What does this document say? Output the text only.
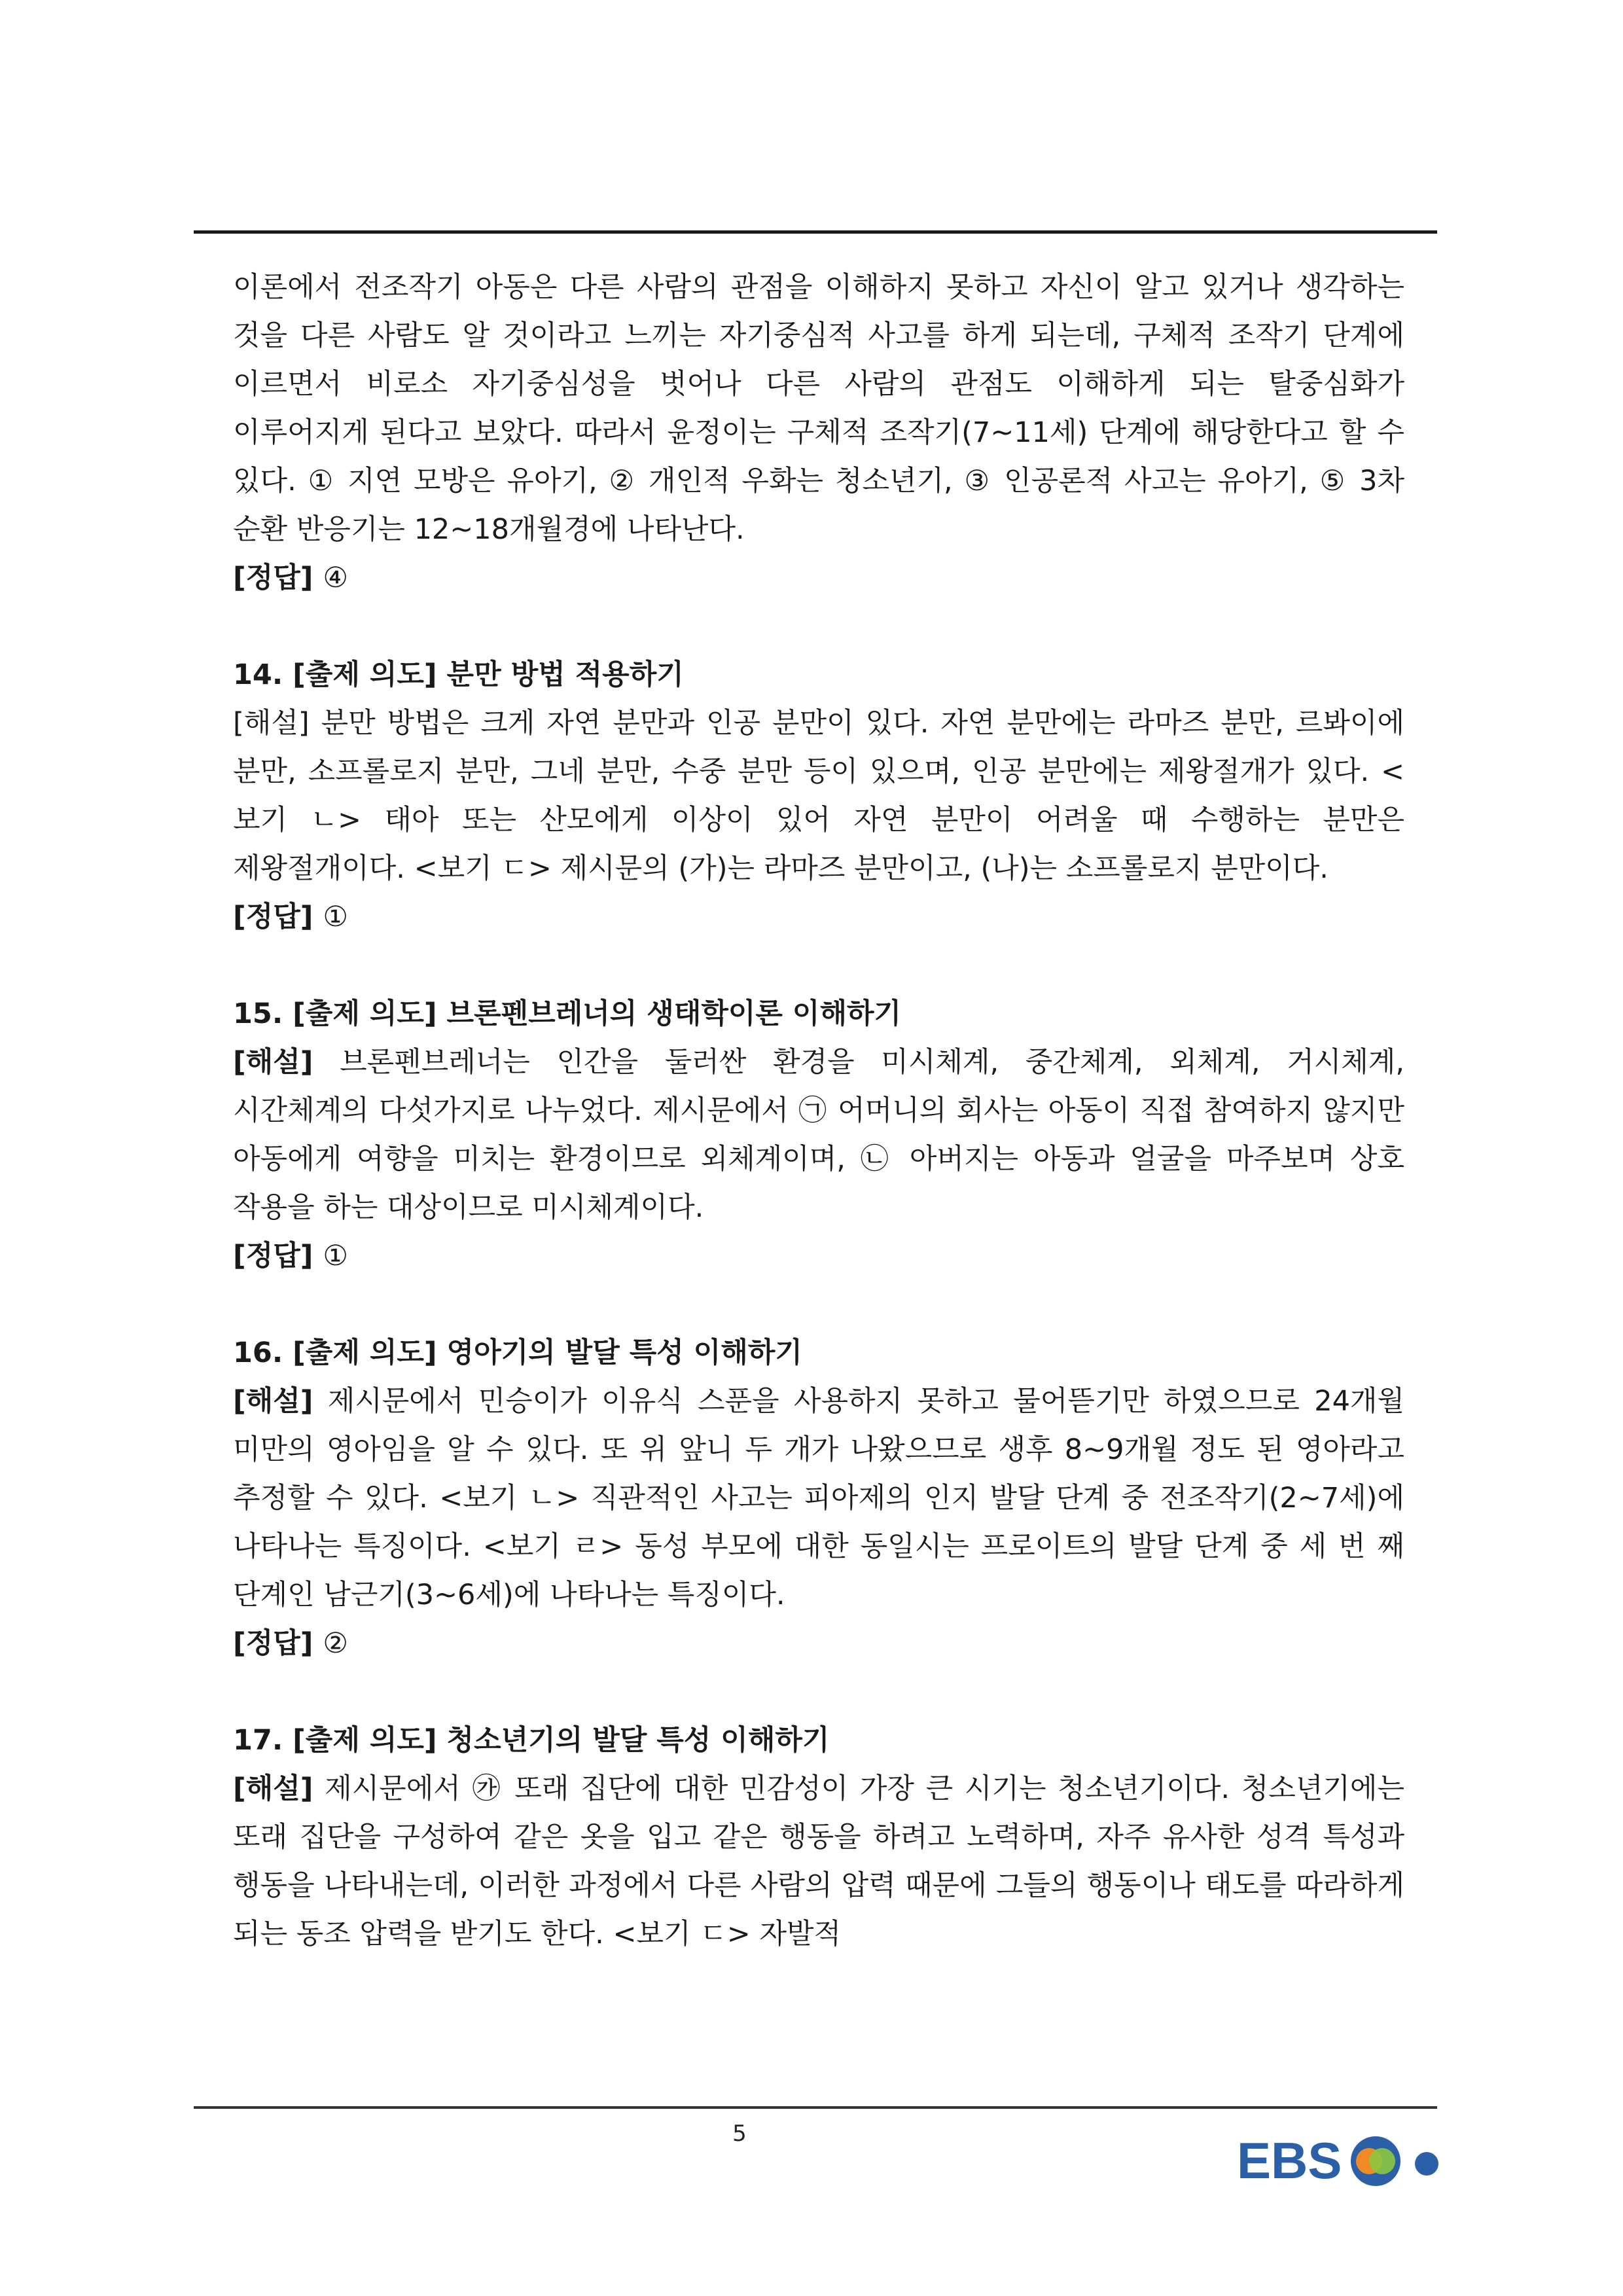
이론에서 전조작기 아동은 다른 사람의 관점을 이해하지 못하고 자신이 알고 있거나 생각하는 것을 다른 사람도 알 것이라고 느끼는 자기중심적 사고를 하게 되는데, 구체적 조작기 단계에 이르면서 비로소 자기중심성을 벗어나 다른 사람의 관점도 이해하게 되는 탈중심화가 이루어지게 된다고 보았다. 따라서 윤정이는 구체적 조작기(7~11세) 단계에 해당한다고 할 수 있다. ① 지연 모방은 유아기, ② 개인적 우화는 청소년기, ③ 인공론적 사고는 유아기, ⑤ 3차 순환 반응기는 12~18개월경에 나타난다.

[정답] ④

14. [출제 의도] 분만 방법 적용하기

[해설] 분만 방법은 크게 자연 분만과 인공 분만이 있다. 자연 분만에는 라마즈 분만, 르봐이에 분만, 소프롤로지 분만, 그네 분만, 수중 분만 등이 있으며, 인공 분만에는 제왕절개가 있다. <보기 ㄴ> 태아 또는 산모에게 이상이 있어 자연 분만이 어려울 때 수행하는 분만은 제왕절개이다. <보기 ㄷ> 제시문의 (가)는 라마즈 분만이고, (나)는 소프롤로지 분만이다.

[정답] ①

15. [출제 의도] 브론펜브레너의 생태학이론 이해하기

[해설] 브론펜브레너는 인간을 둘러싼 환경을 미시체계, 중간체계, 외체계, 거시체계, 시간체계의 다섯가지로 나누었다. 제시문에서 ㉠ 어머니의 회사는 아동이 직접 참여하지 않지만 아동에게 여향을 미치는 환경이므로 외체계이며, ㉡ 아버지는 아동과 얼굴을 마주보며 상호 작용을 하는 대상이므로 미시체계이다.

[정답] ①

16. [출제 의도] 영아기의 발달 특성 이해하기

[해설] 제시문에서 민승이가 이유식 스푼을 사용하지 못하고 물어뜯기만 하였으므로 24개월 미만의 영아임을 알 수 있다. 또 위 앞니 두 개가 나왔으므로 생후 8~9개월 정도 된 영아라고 추정할 수 있다. <보기 ㄴ> 직관적인 사고는 피아제의 인지 발달 단계 중 전조작기(2~7세)에 나타나는 특징이다. <보기 ㄹ> 동성 부모에 대한 동일시는 프로이트의 발달 단계 중 세 번 째 단계인 남근기(3~6세)에 나타나는 특징이다.

[정답] ②

17. [출제 의도] 청소년기의 발달 특성 이해하기

[해설] 제시문에서 ㉮ 또래 집단에 대한 민감성이 가장 큰 시기는 청소년기이다. 청소년기에는 또래 집단을 구성하여 같은 옷을 입고 같은 행동을 하려고 노력하며, 자주 유사한 성격 특성과 행동을 나타내는데, 이러한 과정에서 다른 사람의 압력 때문에 그들의 행동이나 태도를 따라하게 되는 동조 압력을 받기도 한다. <보기 ㄷ> 자발적

5	EBS
